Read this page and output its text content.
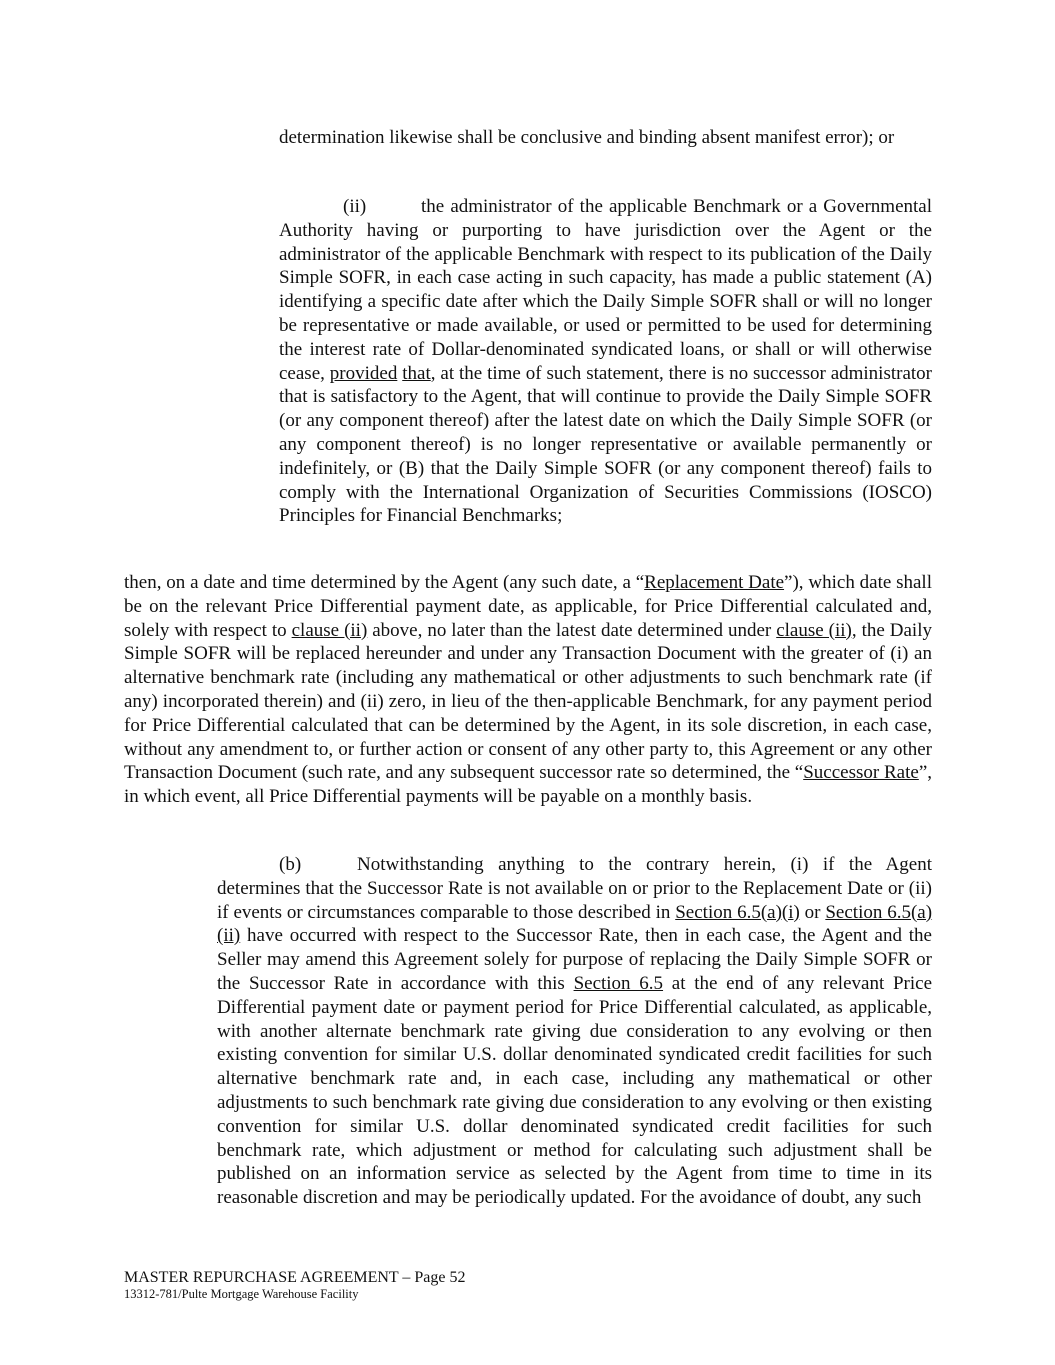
determination likewise shall be conclusive and binding absent manifest error); or
(ii)  	the administrator of the applicable Benchmark or a Governmental Authority having or purporting to have jurisdiction over the Agent or the administrator of the applicable Benchmark with respect to its publication of the Daily Simple SOFR, in each case acting in such capacity, has made a public statement (A) identifying a specific date after which the Daily Simple SOFR shall or will no longer be representative or made available, or used or permitted to be used for determining the interest rate of Dollar-denominated syndicated loans, or shall or will otherwise cease, provided that, at the time of such statement, there is no successor administrator that is satisfactory to the Agent, that will continue to provide the Daily Simple SOFR (or any component thereof) after the latest date on which the Daily Simple SOFR (or any component thereof) is no longer representative or available permanently or indefinitely, or (B) that the Daily Simple SOFR (or any component thereof) fails to comply with the International Organization of Securities Commissions (IOSCO) Principles for Financial Benchmarks;
then, on a date and time determined by the Agent (any such date, a “Replacement Date”), which date shall be on the relevant Price Differential payment date, as applicable, for Price Differential calculated and, solely with respect to clause (ii) above, no later than the latest date determined under clause (ii), the Daily Simple SOFR will be replaced hereunder and under any Transaction Document with the greater of (i) an alternative benchmark rate (including any mathematical or other adjustments to such benchmark rate (if any) incorporated therein) and (ii) zero, in lieu of the then-applicable Benchmark, for any payment period for Price Differential calculated that can be determined by the Agent, in its sole discretion, in each case, without any amendment to, or further action or consent of any other party to, this Agreement or any other Transaction Document (such rate, and any subsequent successor rate so determined, the “Successor Rate”, in which event, all Price Differential payments will be payable on a monthly basis.
(b)  	Notwithstanding anything to the contrary herein, (i) if the Agent determines that the Successor Rate is not available on or prior to the Replacement Date or (ii) if events or circumstances comparable to those described in Section 6.5(a)(i) or Section 6.5(a)(ii) have occurred with respect to the Successor Rate, then in each case, the Agent and the Seller may amend this Agreement solely for purpose of replacing the Daily Simple SOFR or the Successor Rate in accordance with this Section 6.5 at the end of any relevant Price Differential payment date or payment period for Price Differential calculated, as applicable, with another alternate benchmark rate giving due consideration to any evolving or then existing convention for similar U.S. dollar denominated syndicated credit facilities for such alternative benchmark rate and, in each case, including any mathematical or other adjustments to such benchmark rate giving due consideration to any evolving or then existing convention for similar U.S. dollar denominated syndicated credit facilities for such benchmark rate, which adjustment or method for calculating such adjustment shall be published on an information service as selected by the Agent from time to time in its reasonable discretion and may be periodically updated. For the avoidance of doubt, any such
MASTER REPURCHASE AGREEMENT – Page 52
13312-781/Pulte Mortgage Warehouse Facility
